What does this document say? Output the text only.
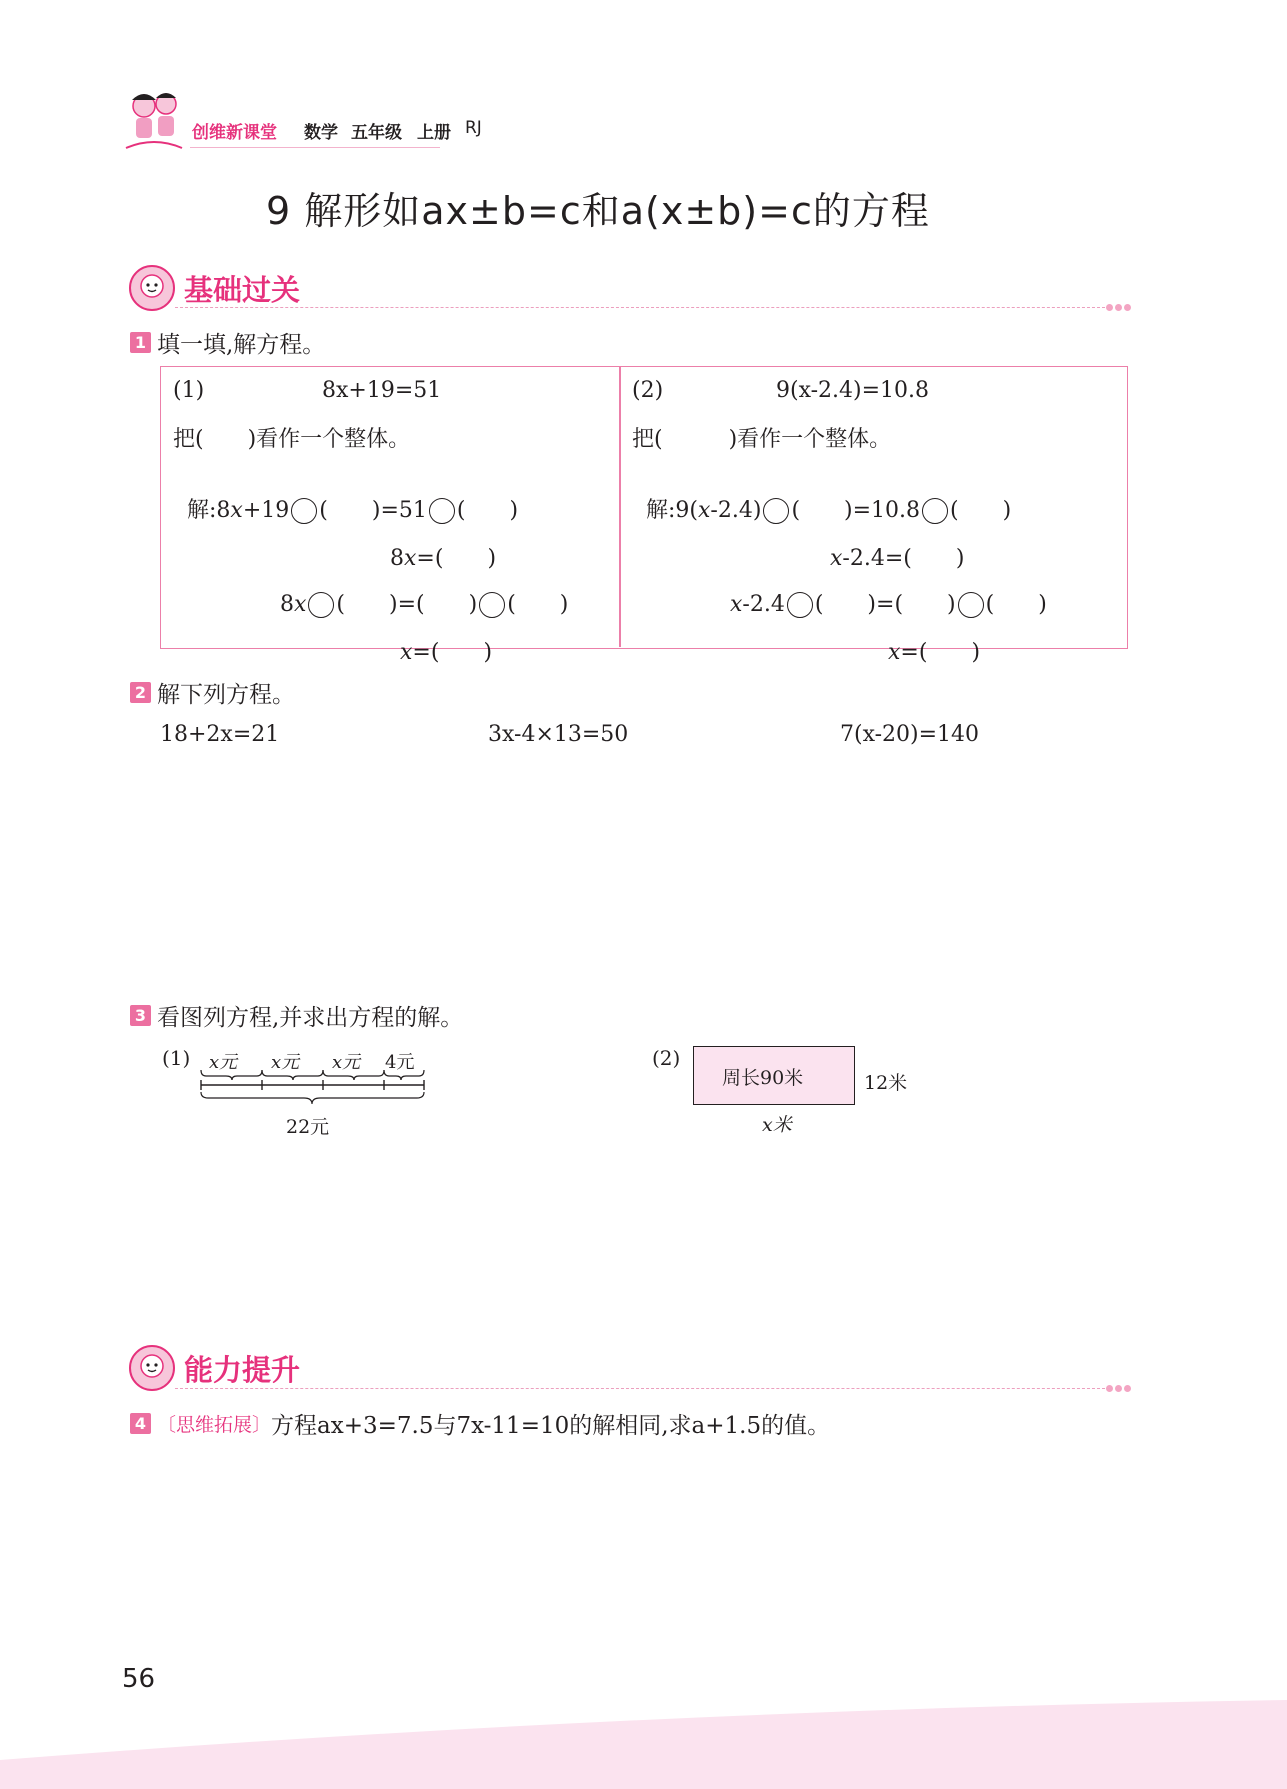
创维新课堂 数学 五年级 上册 RJ
9 解形如ax±b=c和a(x±b)=c的方程
基础过关
1 填一填,解方程。
(1)	8x+19=51
把(　　)看作一个整体。

解:8x+19 (　　)=51 (　　)

8x=(　　)

8x (　　)=(　　) (　　)

x=(　　)

(2)	9(x-2.4)=10.8
把(　　　)看作一个整体。

解:9(x-2.4) (　　)=10.8 (　　)

x-2.4=(　　)

x-2.4 (　　)=(　　) (　　)

x=(　　)

2 解下列方程。
18+2x=21	3x-4×13=50	7(x-20)=140
3 看图列方程,并求出方程的解。
(1) x元 x元 x元 4元
22元
(2)
周长90米	12米
x米
能力提升
4 〔思维拓展〕方程ax+3=7.5与7x-11=10的解相同,求a+1.5的值。
56
